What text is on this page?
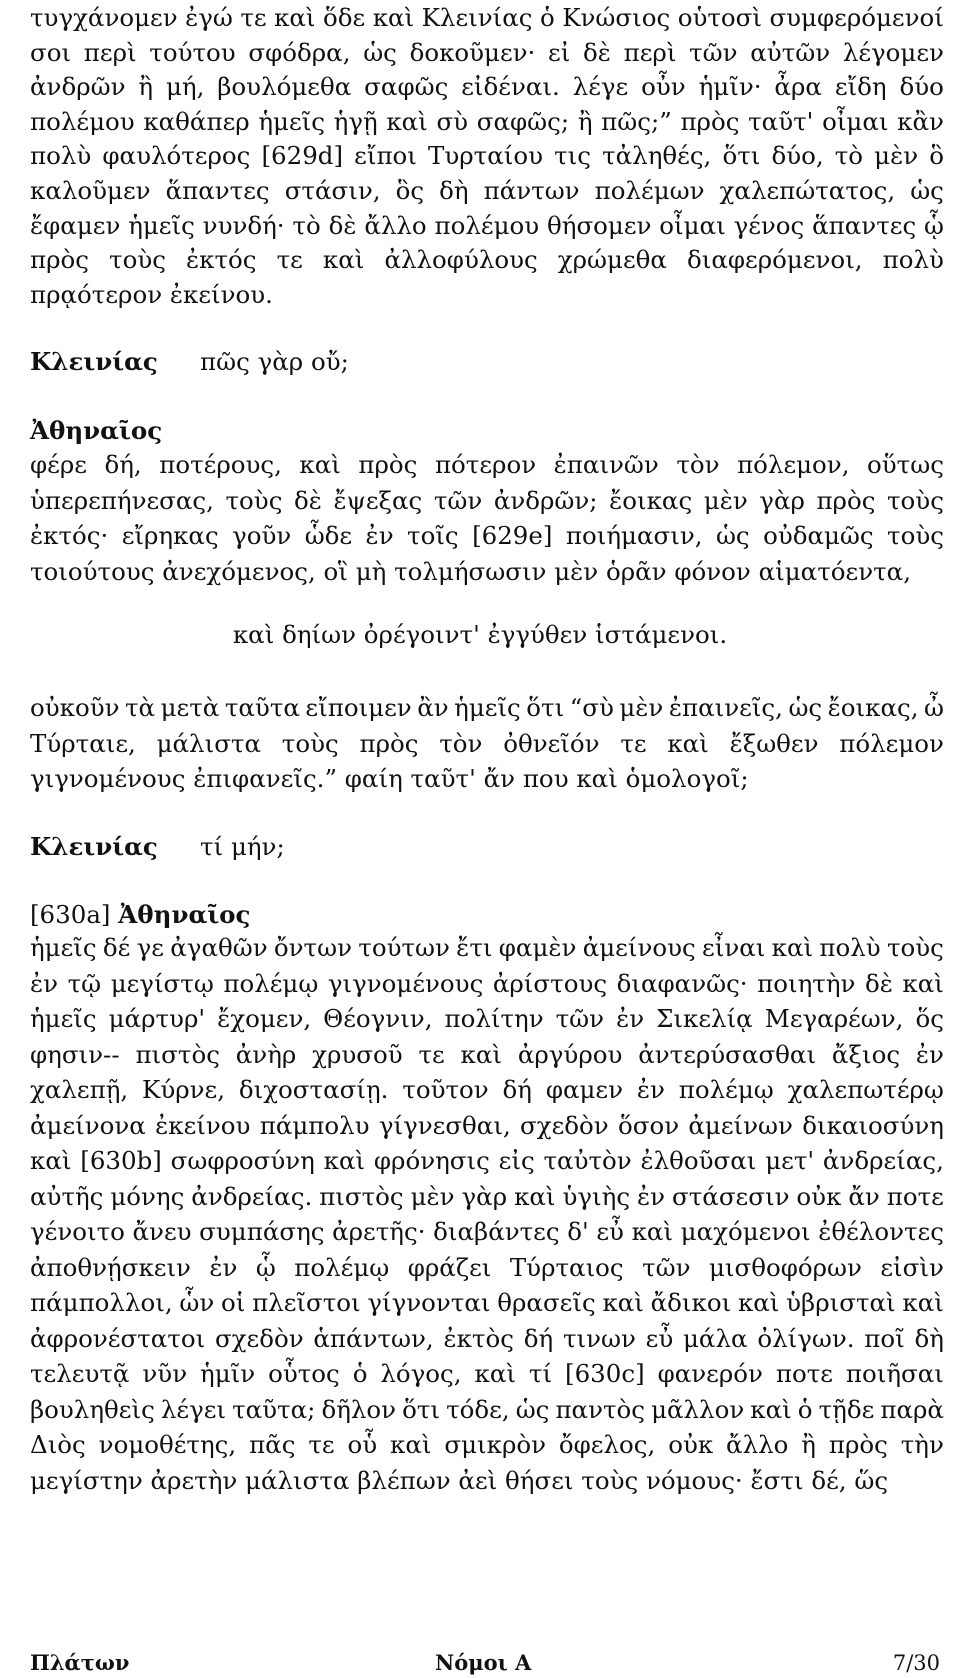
τυγχάνομεν ἐγώ τε καὶ ὅδε καὶ Κλεινίας ὁ Κνώσιος οὑτοσὶ συμφερόμενοί
σοι περὶ τούτου σφόδρα, ὡς δοκοῦμεν· εἰ δὲ περὶ τῶν αὐτῶν λέγομεν
ἀνδρῶν ἢ μή, βουλόμεθα σαφῶς εἰδέναι. λέγε οὖν ἡμῖν· ἆρα εἴδη δύο
πολέμου καθάπερ ἡμεῖς ἡγῇ καὶ σὺ σαφῶς; ἢ πῶς;” πρὸς ταῦτ' οἶμαι κἂν
πολὺ φαυλότερος [629d] εἴποι Τυρταίου τις τἀληθές, ὅτι δύο, τὸ μὲν ὃ
καλοῦμεν ἅπαντες στάσιν, ὃς δὴ πάντων πολέμων χαλεπώτατος, ὡς
ἔφαμεν ἡμεῖς νυνδή· τὸ δὲ ἄλλο πολέμου θήσομεν οἶμαι γένος ἅπαντες ᾧ
πρὸς τοὺς ἐκτός τε καὶ ἀλλοφύλους χρώμεθα διαφερόμενοι, πολὺ
πρᾳότερον ἐκείνου.
Κλεινίας πῶς γὰρ οὔ;
Ἀθηναῖος
φέρε δή, ποτέρους, καὶ πρὸς πότερον ἐπαινῶν τὸν πόλεμον, οὕτως
ὑπερεπήνεσας, τοὺς δὲ ἔψεξας τῶν ἀνδρῶν; ἔοικας μὲν γὰρ πρὸς τοὺς
ἐκτός· εἴρηκας γοῦν ὧδε ἐν τοῖς [629e] ποιήμασιν, ὡς οὐδαμῶς τοὺς
τοιούτους ἀνεχόμενος, οἳ μὴ τολμήσωσιν μὲν ὁρᾶν φόνον αἱματόεντα,
καὶ δηίων ὀρέγοιντ' ἐγγύθεν ἱστάμενοι.
οὐκοῦν τὰ μετὰ ταῦτα εἴποιμεν ἂν ἡμεῖς ὅτι “σὺ μὲν ἐπαινεῖς, ὡς ἔοικας, ὦ
Τύρταιε, μάλιστα τοὺς πρὸς τὸν ὀθνεῖόν τε καὶ ἔξωθεν πόλεμον
γιγνομένους ἐπιφανεῖς.” φαίη ταῦτ' ἄν που καὶ ὁμολογοῖ;
Κλεινίας τί μήν;
[630a] Ἀθηναῖος
ἡμεῖς δέ γε ἀγαθῶν ὄντων τούτων ἔτι φαμὲν ἀμείνους εἶναι καὶ πολὺ τοὺς
ἐν τῷ μεγίστῳ πολέμῳ γιγνομένους ἀρίστους διαφανῶς· ποιητὴν δὲ καὶ
ἡμεῖς μάρτυρ' ἔχομεν, Θέογνιν, πολίτην τῶν ἐν Σικελίᾳ Μεγαρέων, ὅς
φησιν-- πιστὸς ἀνὴρ χρυσοῦ τε καὶ ἀργύρου ἀντερύσασθαι ἄξιος ἐν
χαλεπῇ, Κύρνε, διχοστασίῃ. τοῦτον δή φαμεν ἐν πολέμῳ χαλεπωτέρῳ
ἀμείνονα ἐκείνου πάμπολυ γίγνεσθαι, σχεδὸν ὅσον ἀμείνων δικαιοσύνη
καὶ [630b] σωφροσύνη καὶ φρόνησις εἰς ταὐτὸν ἐλθοῦσαι μετ' ἀνδρείας,
αὐτῆς μόνης ἀνδρείας. πιστὸς μὲν γὰρ καὶ ὑγιὴς ἐν στάσεσιν οὐκ ἄν ποτε
γένοιτο ἄνευ συμπάσης ἀρετῆς· διαβάντες δ' εὖ καὶ μαχόμενοι ἐθέλοντες
ἀποθνῄσκειν ἐν ᾧ πολέμῳ φράζει Τύρταιος τῶν μισθοφόρων εἰσὶν
πάμπολλοι, ὧν οἱ πλεῖστοι γίγνονται θρασεῖς καὶ ἄδικοι καὶ ὑβρισταὶ καὶ
ἀφρονέστατοι σχεδὸν ἁπάντων, ἐκτὸς δή τινων εὖ μάλα ὀλίγων. ποῖ δὴ
τελευτᾷ νῦν ἡμῖν οὗτος ὁ λόγος, καὶ τί [630c] φανερόν ποτε ποιῆσαι
βουληθεὶς λέγει ταῦτα; δῆλον ὅτι τόδε, ὡς παντὸς μᾶλλον καὶ ὁ τῇδε παρὰ
Διὸς νομοθέτης, πᾶς τε οὗ καὶ σμικρὸν ὄφελος, οὐκ ἄλλο ἢ πρὸς τὴν
μεγίστην ἀρετὴν μάλιστα βλέπων ἀεὶ θήσει τοὺς νόμους· ἔστι δέ, ὥς
Πλάτων	Νόμοι Α	7/30
